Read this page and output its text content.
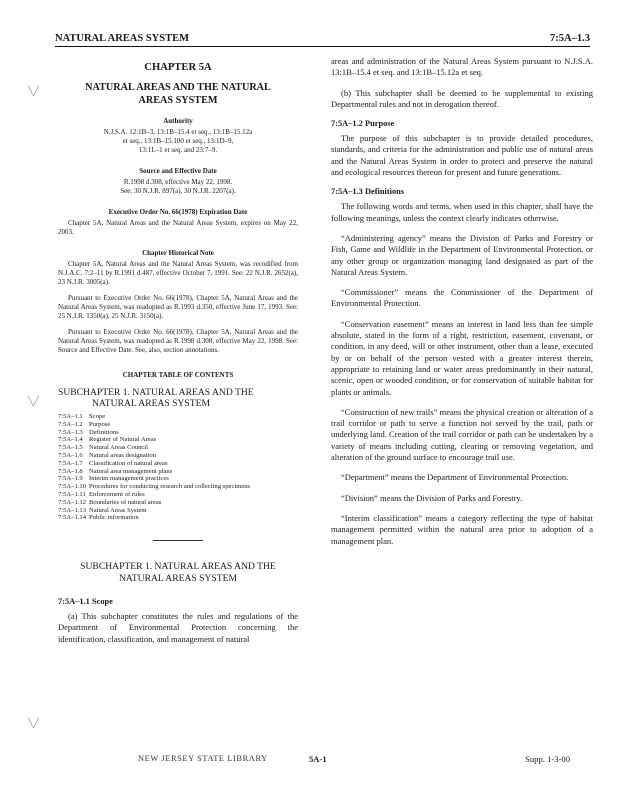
NATURAL AREAS SYSTEM	7:5A–1.3
╲╱
╲╱
╲╱
CHAPTER 5A
NATURAL AREAS AND THE NATURAL
AREAS SYSTEM
Authority
N.J.S.A. 12:1B–3, 13:1B–15.4 et seq., 13:1B–15.12a
et seq., 13:1B–15.100 et seq., 13:1D–9,
13:1L–1 et seq. and 23:7–9.
Source and Effective Date
R.1998 d.308, effective May 22, 1998.
See: 30 N.J.R. 897(a), 30 N.J.R. 2207(a).
Executive Order No. 66(1978) Expiration Date

Chapter 5A, Natural Areas and the Natural Areas System, expires on May 22, 2003.

Chapter Historical Note

Chapter 5A, Natural Areas and the Natural Areas System, was recodified from N.J.A.C. 7:2–11 by R.1991 d.487, effective October 7, 1991. See: 22 N.J.R. 2652(a), 23 N.J.R. 3005(a).

Pursuant to Executive Order No. 66(1978), Chapter 5A, Natural Areas and the Natural Areas System, was readopted as R.1993 d.350, effective June 17, 1993. See: 25 N.J.R. 1350(a), 25 N.J.R. 3150(a).

Pursuant to Executive Order No. 66(1978), Chapter 5A, Natural Areas and the Natural Areas System, was readopted as R.1998 d.308, effective May 22, 1998. See: Source and Effective Date. See, also, section annotations.

CHAPTER TABLE OF CONTENTS
SUBCHAPTER 1. NATURAL AREAS AND THE
NATURAL AREAS SYSTEM
7:5A–1.1 Scope
7:5A–1.2 Purpose
7:5A–1.3 Definitions
7:5A–1.4 Register of Natural Areas
7:5A–1.5 Natural Areas Council
7:5A–1.6 Natural areas designation
7:5A–1.7 Classification of natural areas
7:5A–1.8 Natural area management plans
7:5A–1.9 Interim management practices
7:5A–1.10 Procedures for conducting research and collecting specimens
7:5A–1.11 Enforcement of rules
7:5A–1.12 Boundaries of natural areas
7:5A–1.13 Natural Areas System
7:5A–1.14 Public information
SUBCHAPTER 1. NATURAL AREAS AND THE
NATURAL AREAS SYSTEM
7:5A–1.1 Scope

(a) This subchapter constitutes the rules and regulations of the Department of Environmental Protection concerning the identification, classification, and management of natural

areas and administration of the Natural Areas System pursuant to N.J.S.A. 13:1B–15.4 et seq. and 13:1B–15.12a et seq.

(b) This subchapter shall be deemed to be supplemental to existing Departmental rules and not in derogation thereof.

7:5A–1.2 Purpose

The purpose of this subchapter is to provide detailed procedures, standards, and criteria for the administration and public use of natural areas and the Natural Areas System in order to protect and preserve the natural and ecological resources thereon for present and future generations.

7:5A–1.3 Definitions

The following words and terms, when used in this chapter, shall have the following meanings, unless the context clearly indicates otherwise.

“Administering agency” means the Division of Parks and Forestry or Fish, Game and Wildlife in the Department of Environmental Protection, or any other group or organization managing land designated as part of the Natural Areas System.

“Commissioner” means the Commissioner of the Department of Environmental Protection.

“Conservation easement” means an interest in land less than fee simple absolute, stated in the form of a right, restriction, easement, covenant, or condition, in any deed, will or other instrument, other than a lease, executed by or on behalf of the person vested with a greater interest therein, appropriate to retaining land or water areas predominantly in their natural, scenic, open or wooded condition, or for conservation of suitable habitat for plants or animals.

“Construction of new trails” means the physical creation or alteration of a trail corridor or path to serve a function not served by the trail, path or underlying land. Creation of the trail corridor or path can be undertaken by a variety of means including cutting, clearing or removing vegetation, and alteration of the ground surface to encourage trail use.

“Department” means the Department of Environmental Protection.

“Division” means the Division of Parks and Forestry.

“Interim classification” means a category reflecting the type of habitat management permitted within the natural area prior to adoption of a management plan.

NEW JERSEY STATE LIBRARY	5A-1	Supp. 1-3-00
